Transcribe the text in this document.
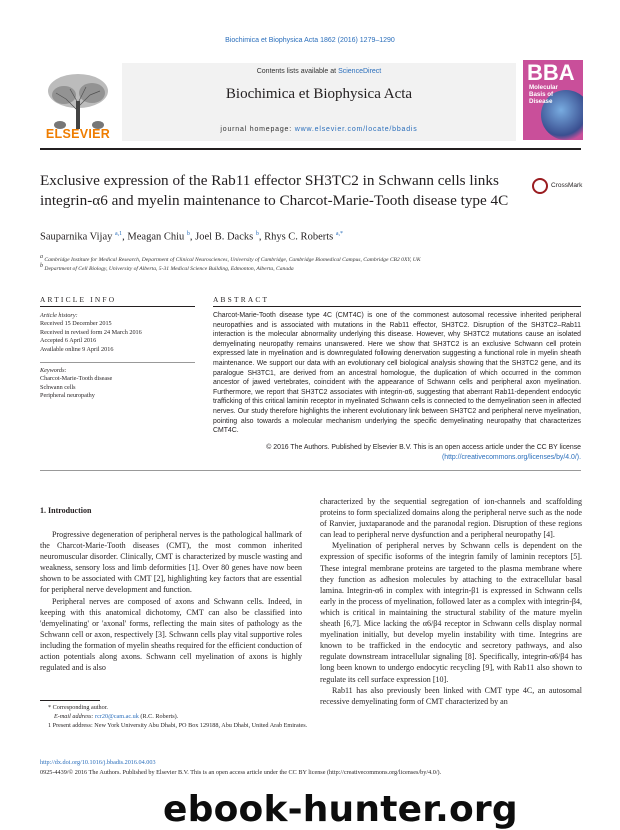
Biochimica et Biophysica Acta 1862 (2016) 1279–1290
ELSEVIER
Contents lists available at ScienceDirect
Biochimica et Biophysica Acta
journal homepage: www.elsevier.com/locate/bbadis
BBA
Molecular
Basis of
Disease
Exclusive expression of the Rab11 effector SH3TC2 in Schwann cells links integrin-α6 and myelin maintenance to Charcot-Marie-Tooth disease type 4C
CrossMark
Sauparnika Vijay $^{a,1}$, Meagan Chiu $^b$, Joel B. Dacks $^b$, Rhys C. Roberts $^{a,*}$
$^a$ Cambridge Institute for Medical Research, Department of Clinical Neurosciences, University of Cambridge, Cambridge Biomedical Campus, Cambridge CB2 0XY, UK
$^b$ Department of Cell Biology, University of Alberta, 5-31 Medical Science Building, Edmonton, Alberta, Canada
ARTICLE INFO	ABSTRACT
Article history:
Received 15 December 2015
Received in revised form 24 March 2016
Accepted 6 April 2016
Available online 9 April 2016
Keywords:
Charcot-Marie-Tooth disease
Schwann cells
Peripheral neuropathy
Charcot-Marie-Tooth disease type 4C (CMT4C) is one of the commonest autosomal recessive inherited peripheral neuropathies and is associated with mutations in the Rab11 effector, SH3TC2. Disruption of the SH3TC2–Rab11 interaction is the molecular abnormality underlying this disease. However, why SH3TC2 mutations cause an isolated demyelinating neuropathy remains unanswered. Here we show that SH3TC2 is an exclusive Schwann cell protein expressed late in myelination and is downregulated following denervation suggesting a functional role in myelin sheath maintenance. We support our data with an evolutionary cell biological analysis showing that the SH3TC2 gene, and its paralogue SH3TC1, are derived from an ancestral homologue, the duplication of which occurred in the common ancestor of jawed vertebrates, coincident with the appearance of Schwann cells and peripheral axon myelination. Furthermore, we report that SH3TC2 associates with integrin-α6, suggesting that aberrant Rab11-dependent endocytic trafficking of this critical laminin receptor in myelinated Schwann cells is connected to the demyelination seen in affected nerves. Our study therefore highlights the inherent evolutionary link between SH3TC2 and peripheral nerve myelination, pointing also towards a molecular mechanism underlying the specific demyelinating neuropathy that characterizes CMT4C.
© 2016 The Authors. Published by Elsevier B.V. This is an open access article under the CC BY license
(http://creativecommons.org/licenses/by/4.0/).
1. Introduction

Progressive degeneration of peripheral nerves is the pathological hallmark of the Charcot-Marie-Tooth diseases (CMT), the most common inherited neuromuscular disorder. Clinically, CMT is characterized by muscle wasting and weakness, sensory loss and limb deformities [1]. Over 80 genes have now been shown to be associated with CMT [2], highlighting key factors that are essential for peripheral nerve development and function.

Peripheral nerves are composed of axons and Schwann cells. Indeed, in keeping with this anatomical dichotomy, CMT can also be classified into 'demyelinating' or 'axonal' forms, reflecting the main sites of pathology as the Schwann cell or axon, respectively [3]. Schwann cells play vital supportive roles including the formation of myelin sheaths required for the efficient conduction of action potentials along axons. Schwann cell myelination of axons is highly regulated and is also

characterized by the sequential segregation of ion-channels and scaffolding proteins to form specialized domains along the peripheral nerve such as the node of Ranvier, juxtaparanode and the paranodal region. Disruption of these regions can lead to peripheral nerve dysfunction and a peripheral neuropathy [4].

Myelination of peripheral nerves by Schwann cells is dependent on the expression of specific isoforms of the integrin family of laminin receptors [5]. These integral membrane proteins are targeted to the plasma membrane where they function as adhesion molecules by attaching to the extracellular basal lamina. Integrin-α6 in complex with integrin-β1 is expressed in Schwann cells early in the process of myelination, followed later as a complex with integrin-β4, which is critical in maintaining the structural stability of the mature myelin sheath [6,7]. Mice lacking the α6/β4 receptor in Schwann cells display normal myelination initially, but develop myelin instability with time. Integrins are known to be trafficked in the endocytic and secretory pathways, and also regulate downstream intracellular signaling [8]. Specifically, integrin-α6/β4 has long been known to undergo endocytic recycling [9], with Rab11 also shown to regulate its cell surface expression [10].

Rab11 has also previously been linked with CMT type 4C, an autosomal recessive demyelinating form of CMT characterized by an

* Corresponding author.
E-mail address: rcr20@cam.ac.uk (R.C. Roberts).
1 Present address: New York University Abu Dhabi, PO Box 129188, Abu Dhabi, United Arab Emirates.
http://dx.doi.org/10.1016/j.bbadis.2016.04.003
0925-4439/© 2016 The Authors. Published by Elsevier B.V. This is an open access article under the CC BY license (http://creativecommons.org/licenses/by/4.0/).
ebook-hunter.org
